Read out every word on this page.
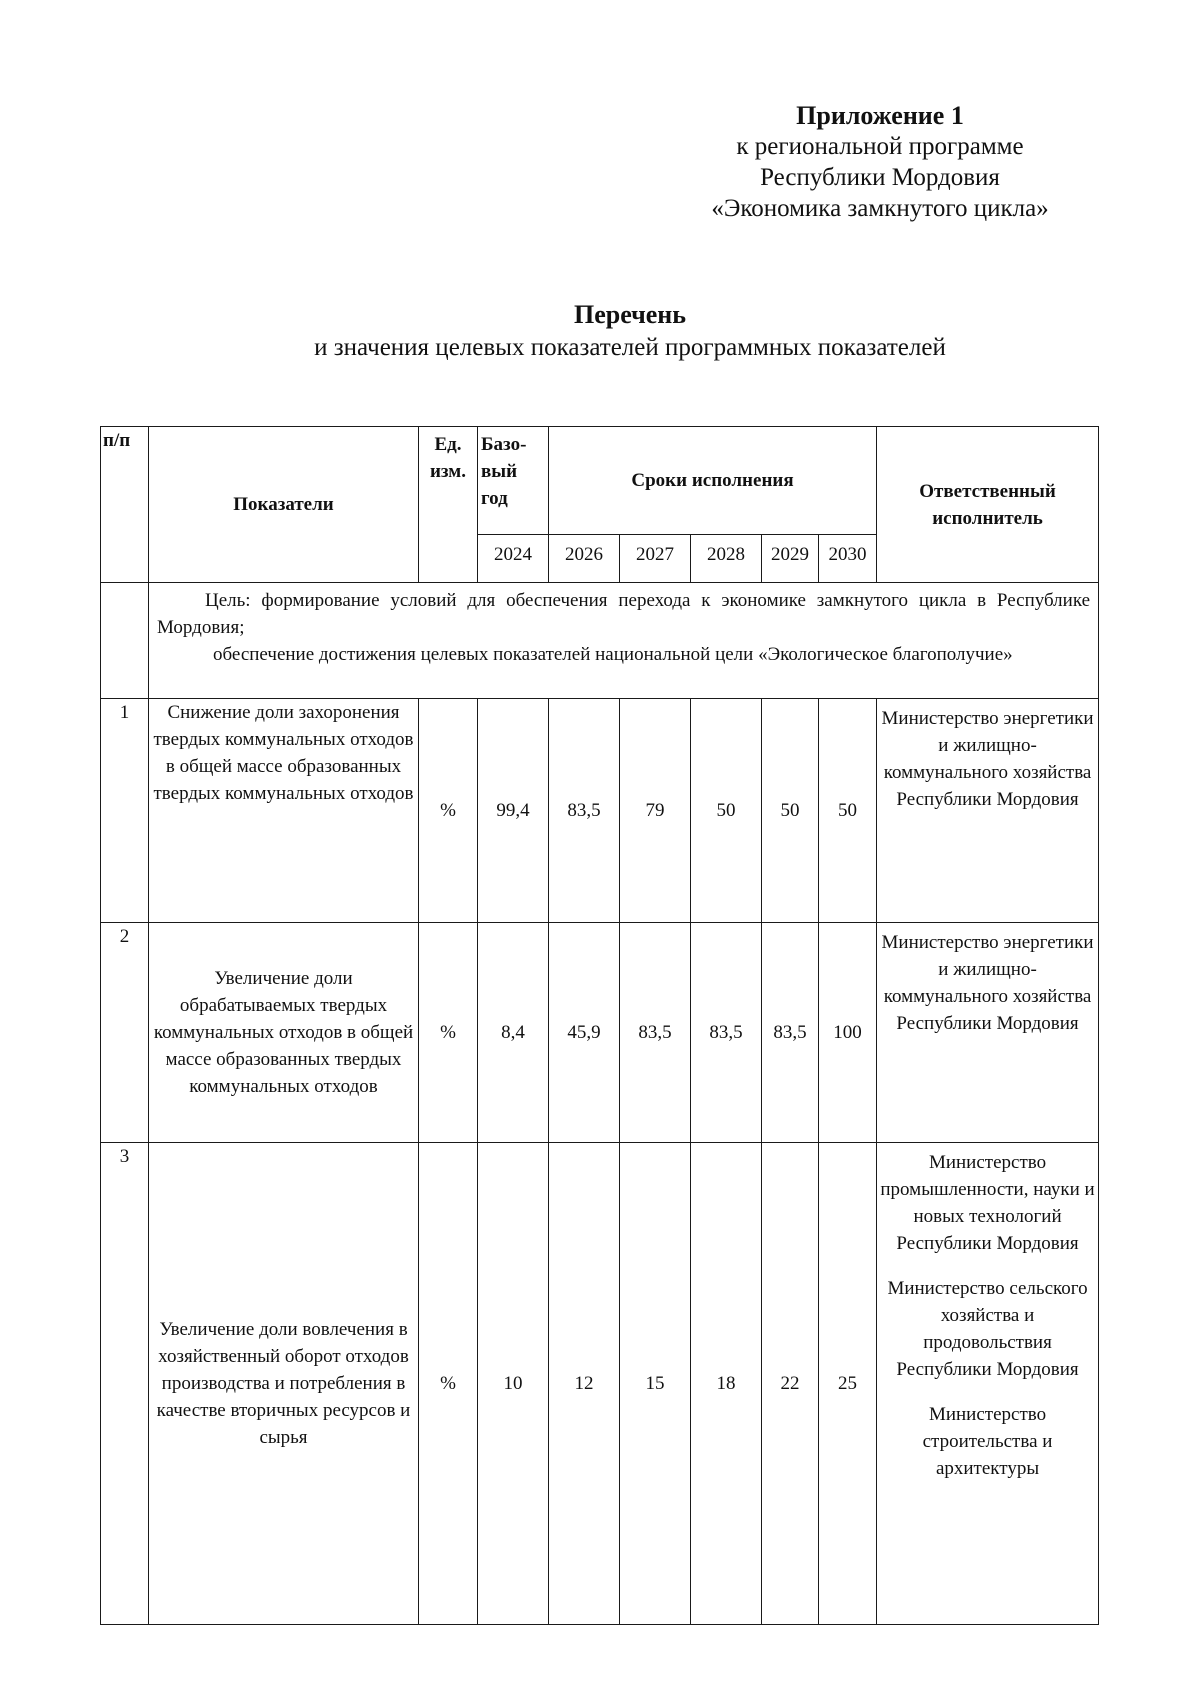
Приложение 1
к региональной программе
Республики Мордовия
«Экономика замкнутого цикла»
Перечень
и значения целевых показателей программных показателей
п/п	Показатели	Ед. изм.	Базо-вый год	Сроки исполнения					Ответственный исполнитель
			2024	2026	2027	2028	2029	2030	

	Цель: формирование условий для обеспечения перехода к экономике замкнутого цикла в Республике Мордовия;

обеспечение достижения целевых показателей национальной цели «Экологическое благополучие»								

1	Снижение доли захоронения твердых коммунальных отходов в общей массе образованных твердых коммунальных отходов	%	99,4	83,5	79	50	50	50	Министерство энергетики и жилищно-коммунального хозяйства Республики Мордовия

2	Увеличение доли обрабатываемых твердых коммунальных отходов в общей массе образованных твердых коммунальных отходов	%	8,4	45,9	83,5	83,5	83,5	100	Министерство энергетики и жилищно-коммунального хозяйства Республики Мордовия

3	Увеличение доли вовлечения в хозяйственный оборот отходов производства и потребления в качестве вторичных ресурсов и сырья	%	10	12	15	18	22	25	Министерство промышленности, науки и новых технологий Республики Мордовия

Министерство сельского хозяйства и продовольствия Республики Мордовия

Министерство строительства и архитектуры
